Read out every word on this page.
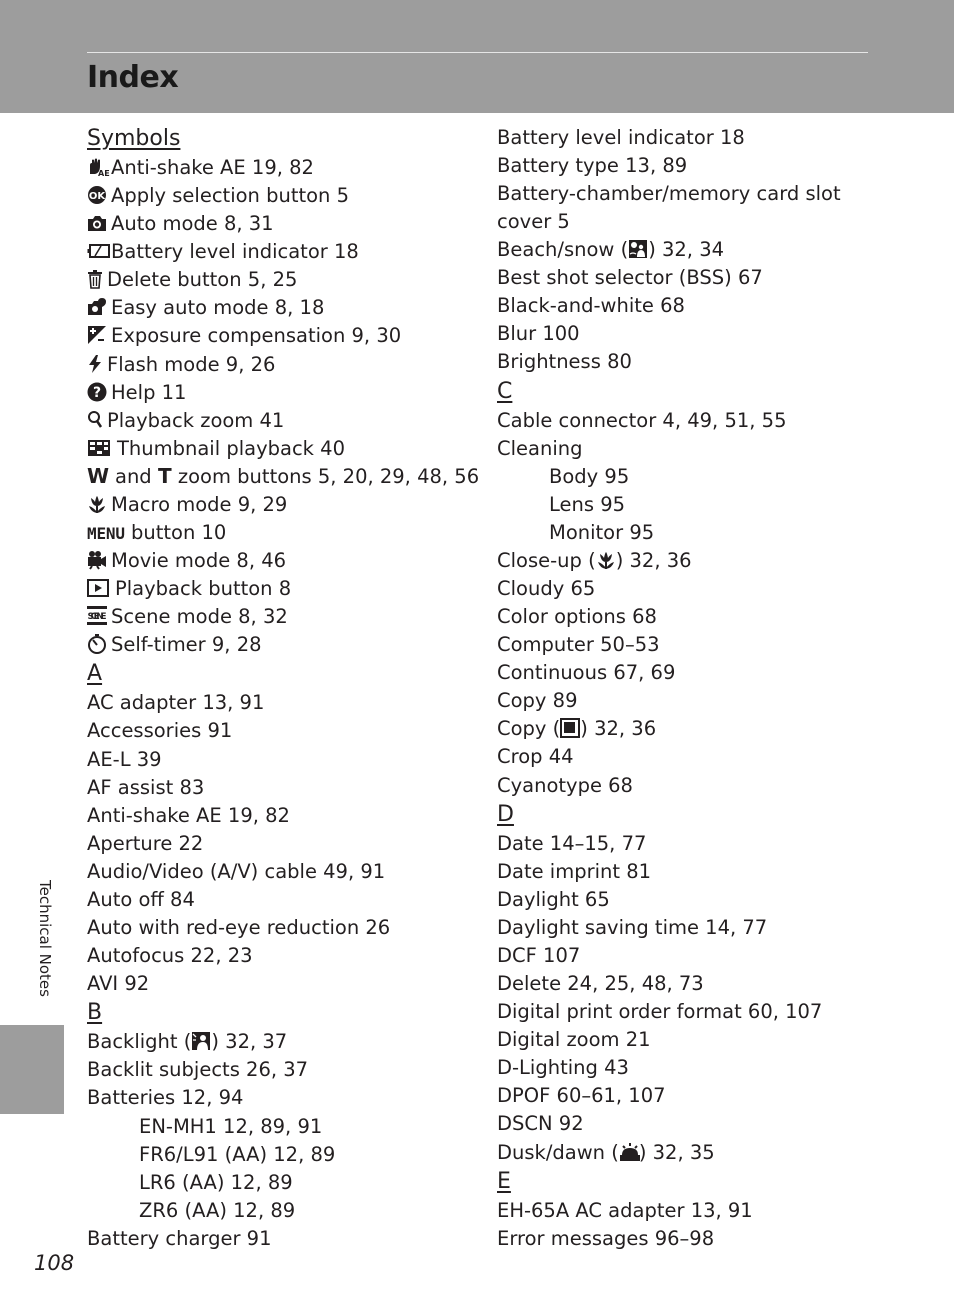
Index
Technical Notes
108
Symbols
AE Anti-shake AE 19, 82
OK Apply selection button 5
Auto mode 8, 31
Battery level indicator 18
Delete button 5, 25
Easy auto mode 8, 18
Exposure compensation 9, 30
Flash mode 9, 26
? Help 11
Playback zoom 41
Thumbnail playback 40
W and T zoom buttons 5, 20, 29, 48, 56
Macro mode 9, 29
MENU button 10
Movie mode 8, 46
Playback button 8
SCENE Scene mode 8, 32
Self-timer 9, 28
A
AC adapter 13, 91
Accessories 91
AE-L 39
AF assist 83
Anti-shake AE 19, 82
Aperture 22
Audio/Video (A/V) cable 49, 91
Auto off 84
Auto with red-eye reduction 26
Autofocus 22, 23
AVI 92
B
Backlight ( ) 32, 37
Backlit subjects 26, 37
Batteries 12, 94
EN-MH1 12, 89, 91
FR6/L91 (AA) 12, 89
LR6 (AA) 12, 89
ZR6 (AA) 12, 89
Battery charger 91
Battery level indicator 18
Battery type 13, 89
Battery-chamber/memory card slot cover 5
Beach/snow ( ) 32, 34
Best shot selector (BSS) 67
Black-and-white 68
Blur 100
Brightness 80
C
Cable connector 4, 49, 51, 55
Cleaning
Body 95
Lens 95
Monitor 95
Close-up ( ) 32, 36
Cloudy 65
Color options 68
Computer 50–53
Continuous 67, 69
Copy 89
Copy ( ) 32, 36
Crop 44
Cyanotype 68
D
Date 14–15, 77
Date imprint 81
Daylight 65
Daylight saving time 14, 77
DCF 107
Delete 24, 25, 48, 73
Digital print order format 60, 107
Digital zoom 21
D-Lighting 43
DPOF 60–61, 107
DSCN 92
Dusk/dawn ( ) 32, 35
E
EH-65A AC adapter 13, 91
Error messages 96–98
